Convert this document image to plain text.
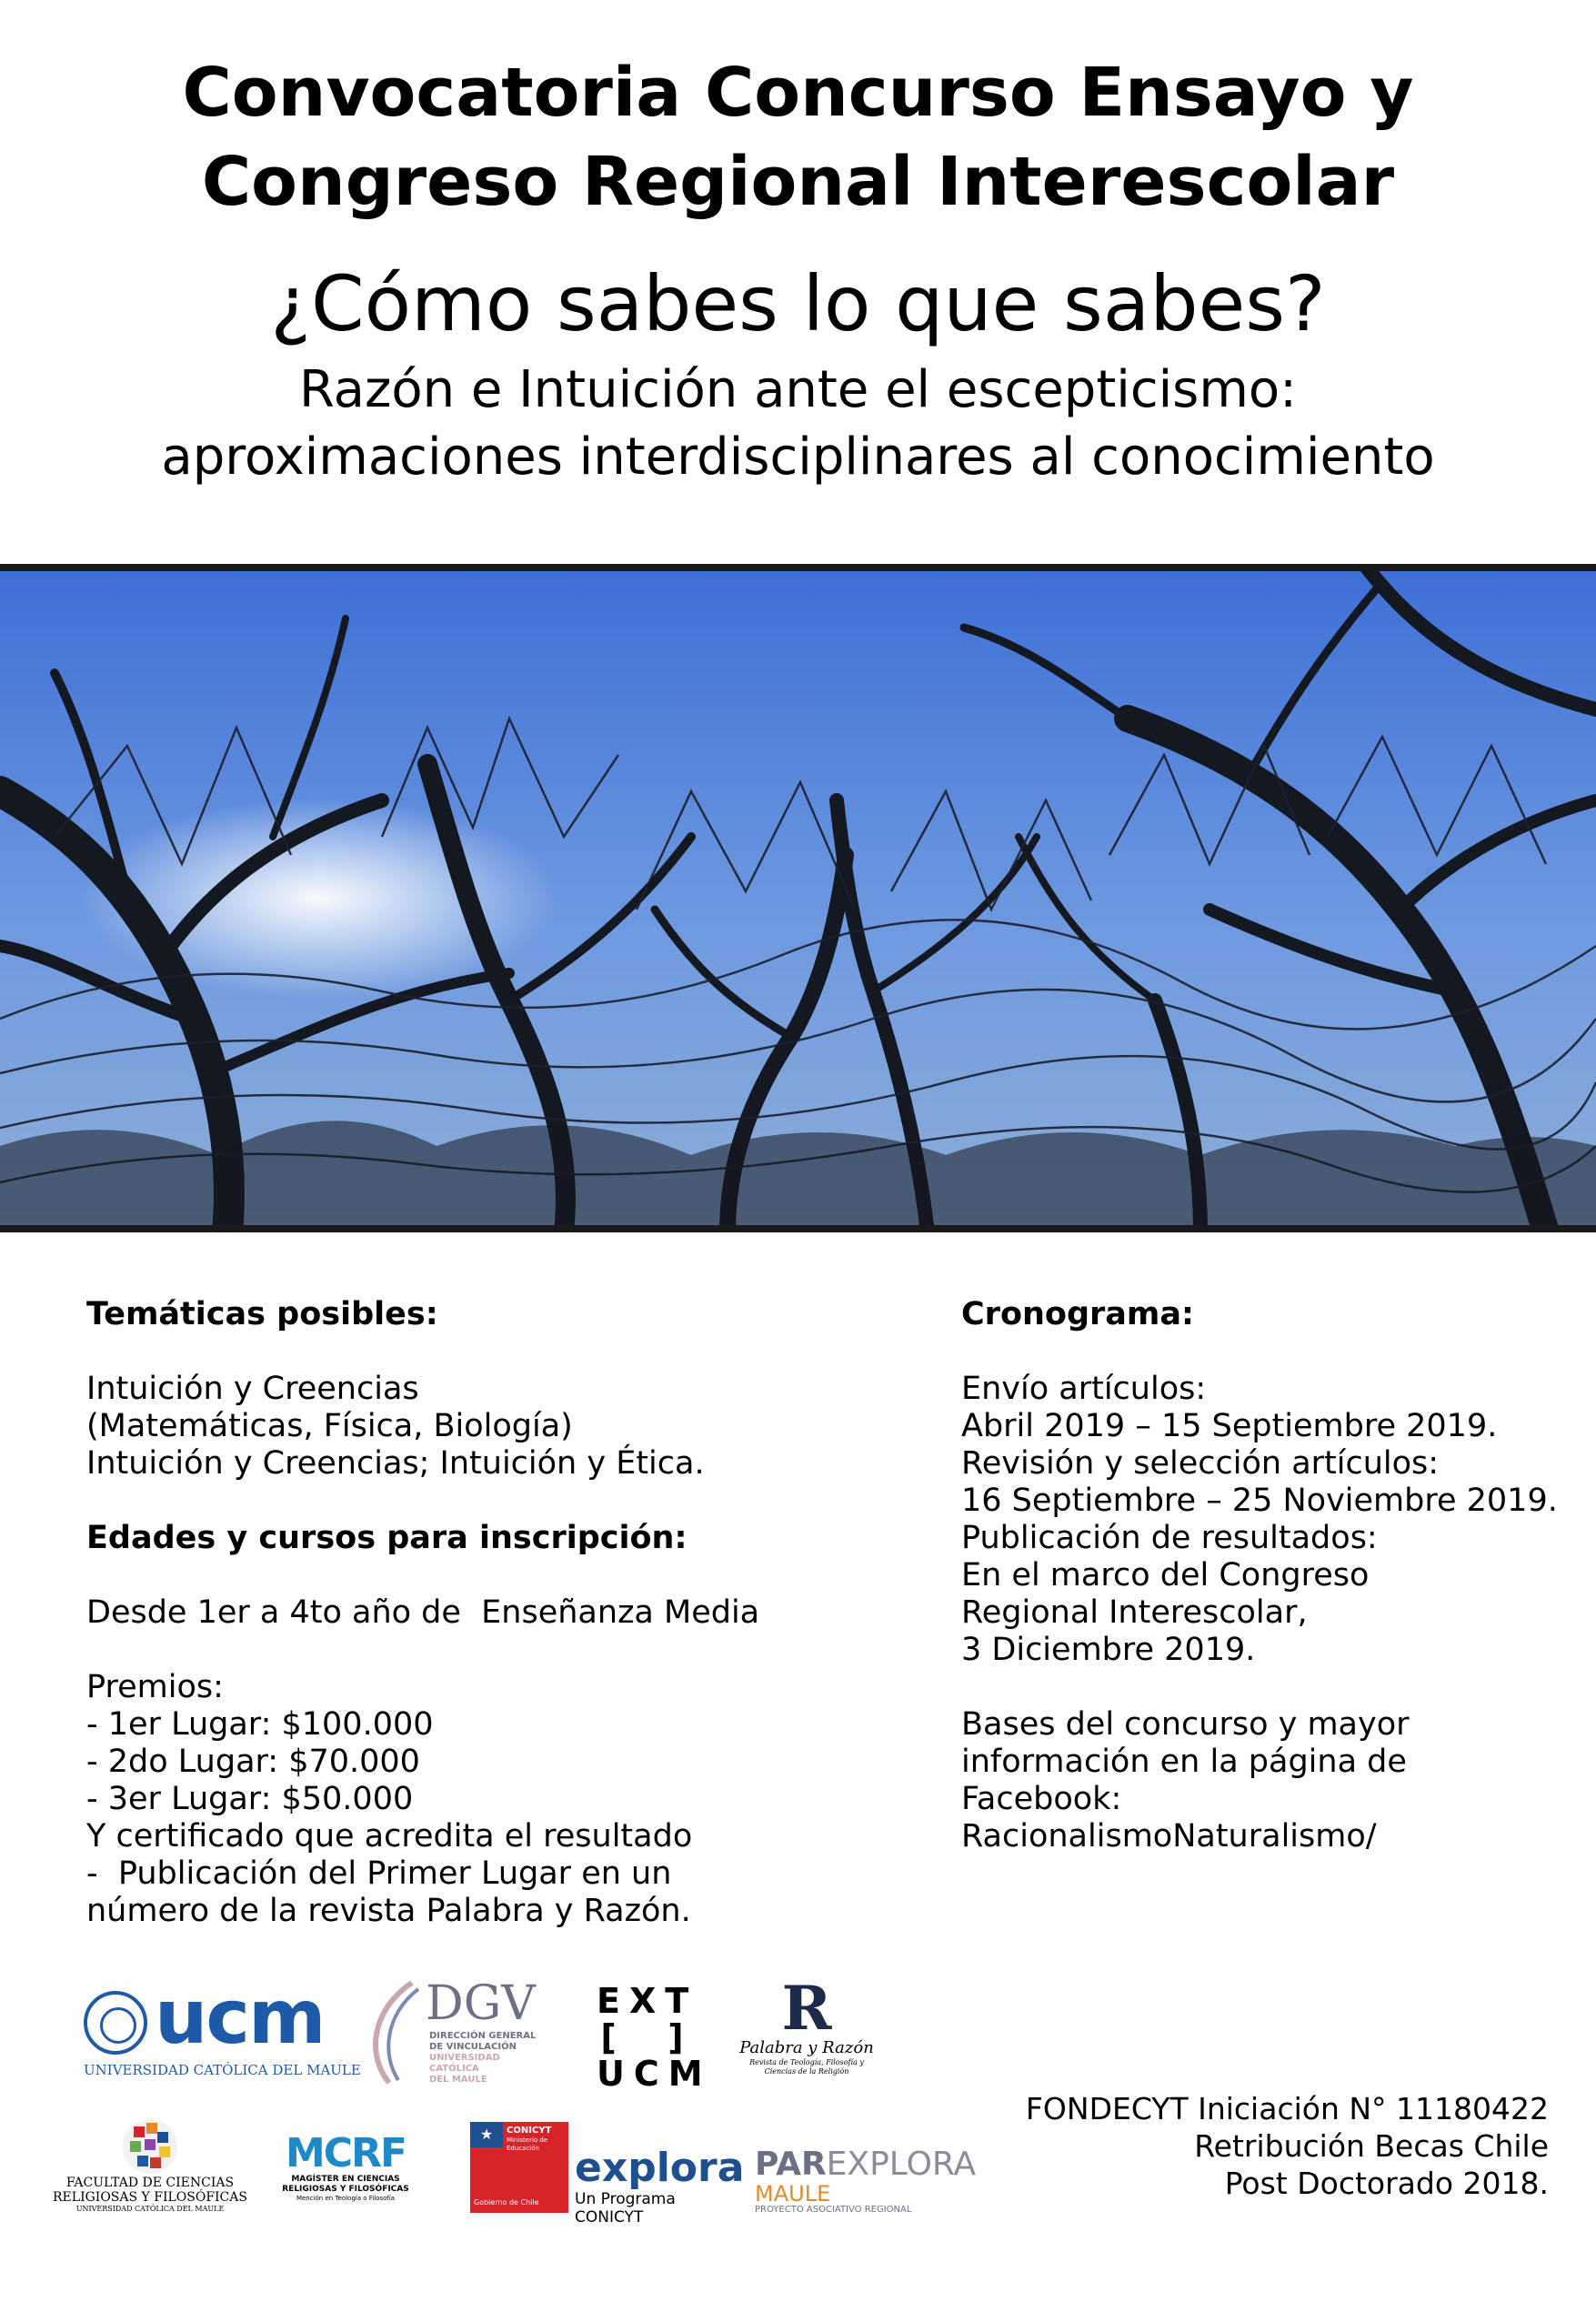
Convocatoria Concurso Ensayo y
Congreso Regional Interescolar
¿Cómo sabes lo que sabes?
Razón e Intuición ante el escepticismo:
aproximaciones interdisciplinares al conocimiento
Temáticas posibles:
Intuición y Creencias
(Matemáticas, Física, Biología)
Intuición y Creencias; Intuición y Ética.
Edades y cursos para inscripción:
Desde 1er a 4to año de  Enseñanza Media
Premios:
- 1er Lugar: $100.000
- 2do Lugar: $70.000
- 3er Lugar: $50.000
Y certificado que acredita el resultado
-  Publicación del Primer Lugar en un
número de la revista Palabra y Razón.
Cronograma:
Envío artículos:
Abril 2019 – 15 Septiembre 2019.
Revisión y selección artículos:
16 Septiembre – 25 Noviembre 2019.
Publicación de resultados:
En el marco del Congreso
Regional Interescolar,
3 Diciembre 2019.
Bases del concurso y mayor
información en la página de
Facebook:
RacionalismoNaturalismo/
ucm
UNIVERSIDAD CATÓLICA DEL MAULE
DGV
DIRECCIÓN GENERAL
DE VINCULACIÓN
UNIVERSIDAD CATÓLICA
DEL MAULE
EXT
[  ]
UCM
R
Palabra y Razón
Revista de Teología, Filosofía y
Ciencias de la Religión
FACULTAD DE CIENCIAS
RELIGIOSAS Y FILOSÓFICAS
UNIVERSIDAD CATÓLICA DEL MAULE
MCRF
MAGÍSTER EN CIENCIAS
RELIGIOSAS Y FILOSÓFICAS
Mención en Teología o Filosofía
★	CONICYT
Ministerio de
Educación
Gobierno de Chile
explora
Un Programa CONICYT
PAREXPLORA
MAULE
PROYECTO ASOCIATIVO REGIONAL
FONDECYT Iniciación N° 11180422
Retribución Becas Chile
Post Doctorado 2018.
